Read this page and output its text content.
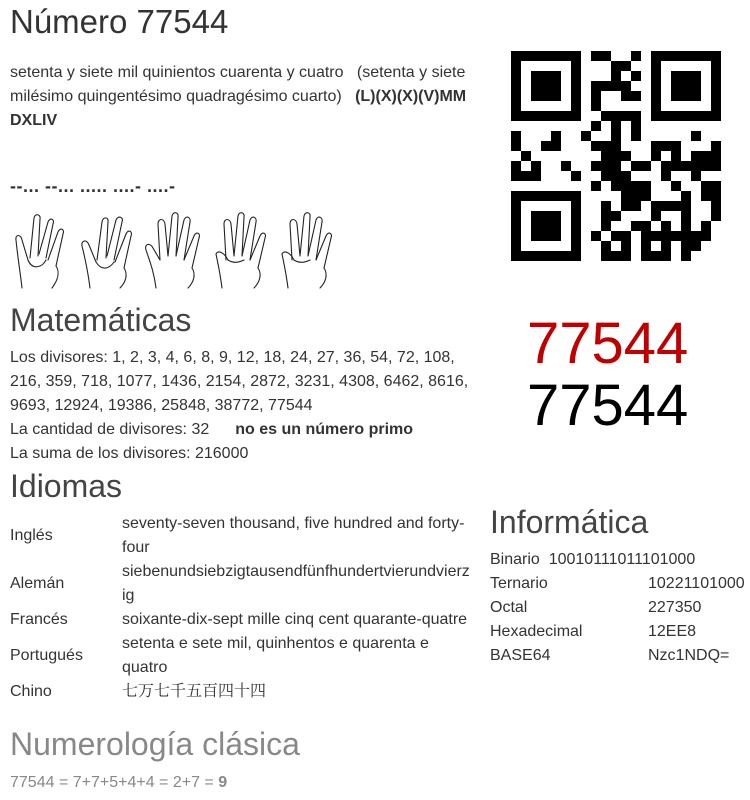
Número 77544
setenta y siete mil quinientos cuarenta y cuatro (setenta y siete
milésimo quingentésimo quadragésimo cuarto) (L)(X)(X)(V)MM
DXLIV
--... --... ..... ....- ....-
Matemáticas
Los divisores: 1, 2, 3, 4, 6, 8, 9, 12, 18, 24, 27, 36, 54, 72, 108,
216, 359, 718, 1077, 1436, 2154, 2872, 3231, 4308, 6462, 8616,
9693, 12924, 19386, 25848, 38772, 77544
La cantidad de divisores: 32 no es un número primo
La suma de los divisores: 216000
77544
77544
Idiomas
Inglés	seventy-seven thousand, five hundred and forty-
four

Alemán	siebenundsiebzigtausendfünfhundertvierundvierz
ig

Francés	soixante-dix-sept mille cinq cent quarante-quatre

Portugués	setenta e sete mil, quinhentos e quarenta e
quatro

Chino	七万七千五百四十四
Informática
Binario 10010111011101000
Ternario	10221101000
Octal	227350
Hexadecimal	12EE8
BASE64	Nzc1NDQ=
Numerología clásica
77544 = 7+7+5+4+4 = 2+7 = 9
